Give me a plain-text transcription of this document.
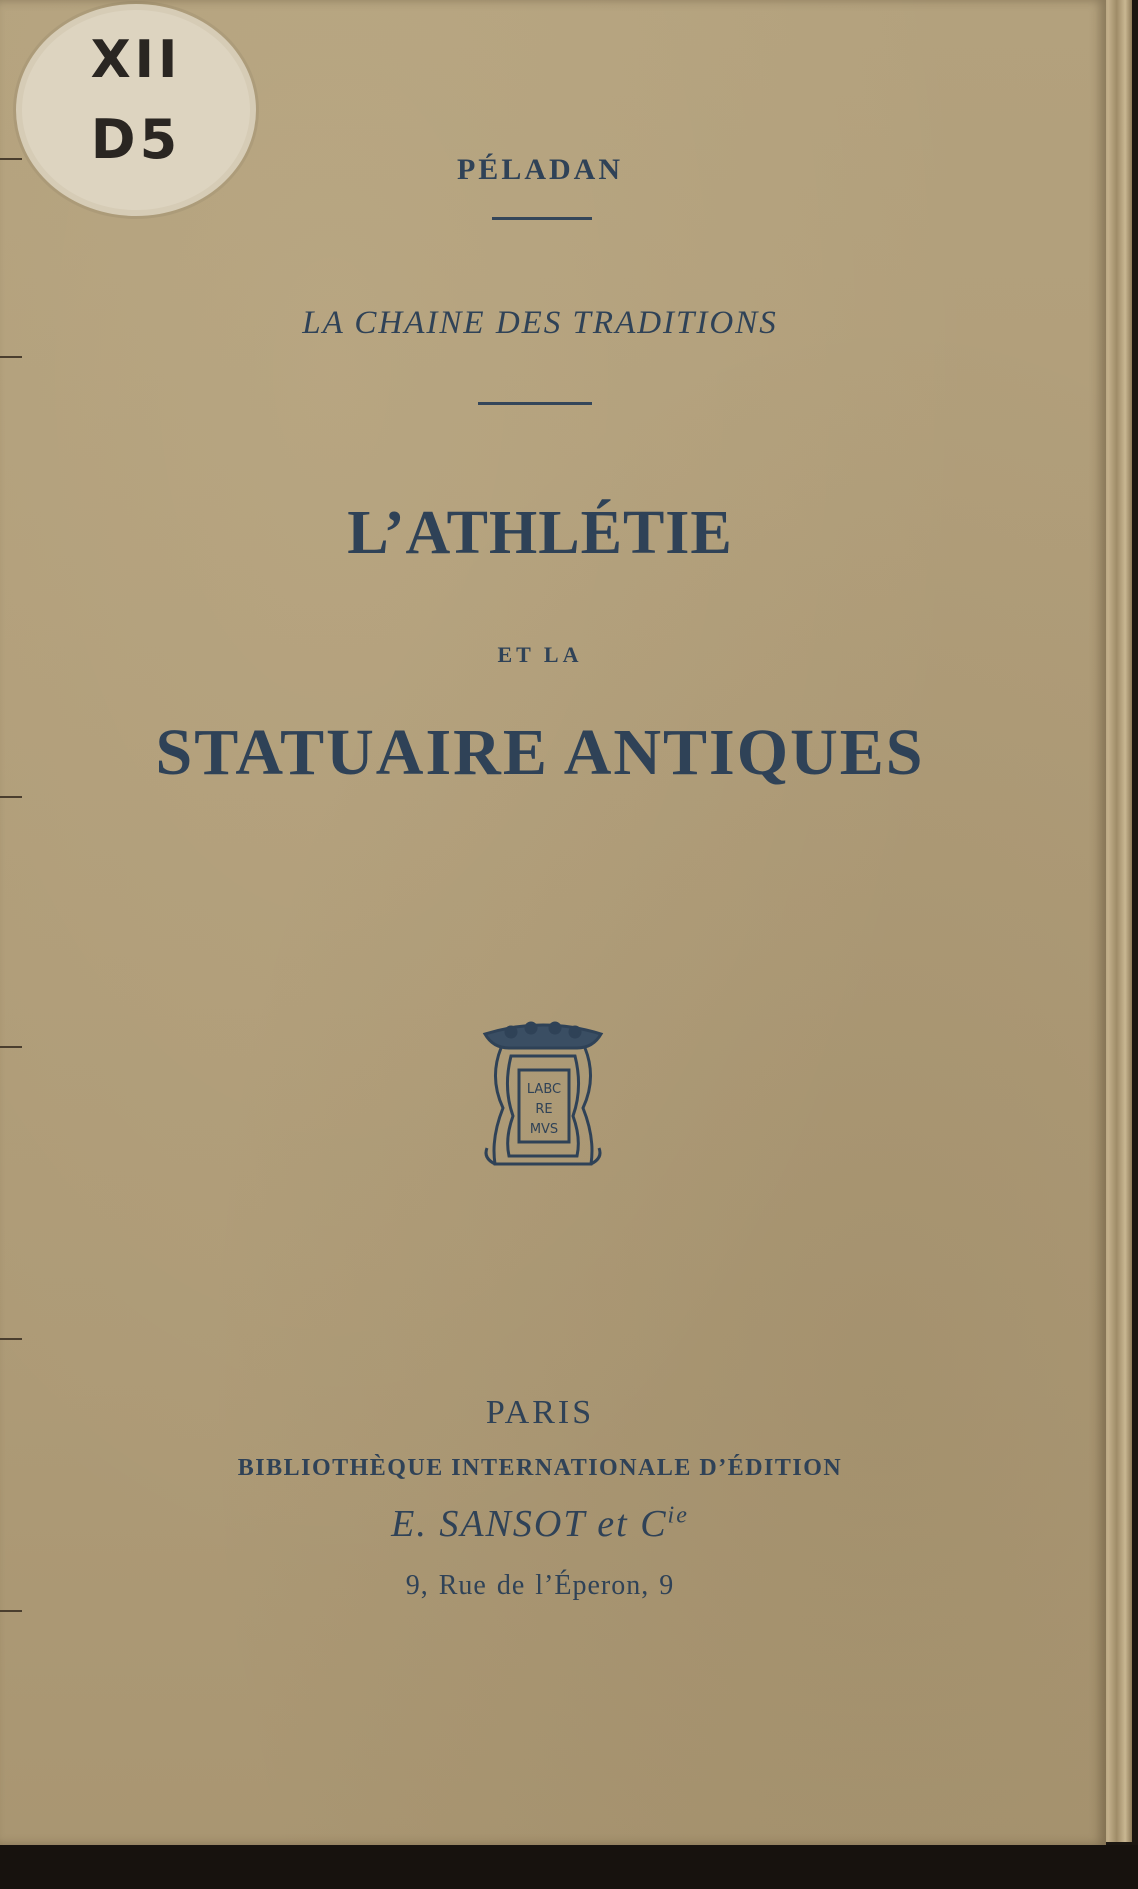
XII
D5	PÉLADAN
LA CHAINE DES TRADITIONS
L’ATHLÉTIE
ET LA
STATUAIRE ANTIQUES
LABC
RE
MVS
PARIS
BIBLIOTHÈQUE INTERNATIONALE D’ÉDITION
E. SANSOT et $C^{ie}$
9, Rue de l’Éperon, 9
